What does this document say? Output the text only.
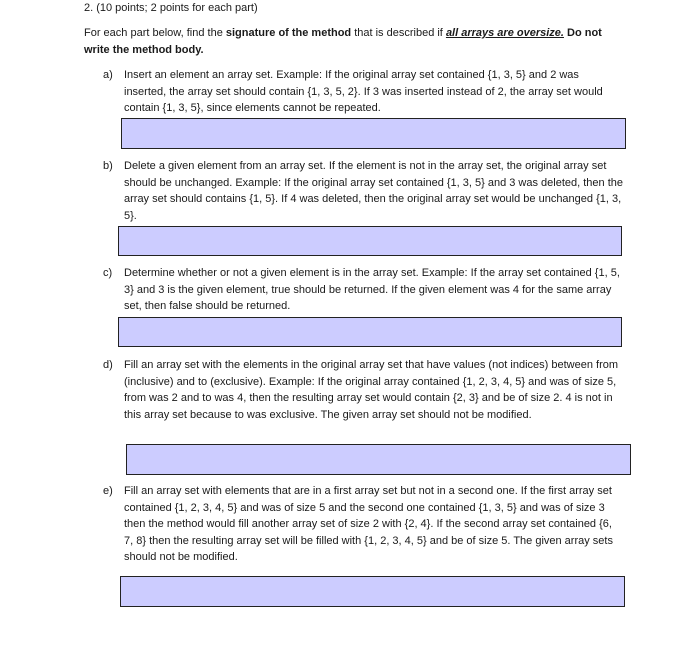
2. (10 points; 2 points for each part)
For each part below, find the signature of the method that is described if all arrays are oversize. Do not write the method body.
a) Insert an element an array set. Example: If the original array set contained {1, 3, 5} and 2 was inserted, the array set should contain {1, 3, 5, 2}. If 3 was inserted instead of 2, the array set would contain {1, 3, 5}, since elements cannot be repeated.
b) Delete a given element from an array set. If the element is not in the array set, the original array set should be unchanged. Example: If the original array set contained {1, 3, 5} and 3 was deleted, then the array set should contains {1, 5}. If 4 was deleted, then the original array set would be unchanged {1, 3, 5}.
c) Determine whether or not a given element is in the array set. Example: If the array set contained {1, 5, 3} and 3 is the given element, true should be returned. If the given element was 4 for the same array set, then false should be returned.
d) Fill an array set with the elements in the original array set that have values (not indices) between from (inclusive) and to (exclusive). Example: If the original array contained {1, 2, 3, 4, 5} and was of size 5, from was 2 and to was 4, then the resulting array set would contain {2, 3} and be of size 2. 4 is not in this array set because to was exclusive. The given array set should not be modified.
e) Fill an array set with elements that are in a first array set but not in a second one. If the first array set contained {1, 2, 3, 4, 5} and was of size 5 and the second one contained {1, 3, 5} and was of size 3 then the method would fill another array set of size 2 with {2, 4}. If the second array set contained {6, 7, 8} then the resulting array set will be filled with {1, 2, 3, 4, 5} and be of size 5. The given array sets should not be modified.
